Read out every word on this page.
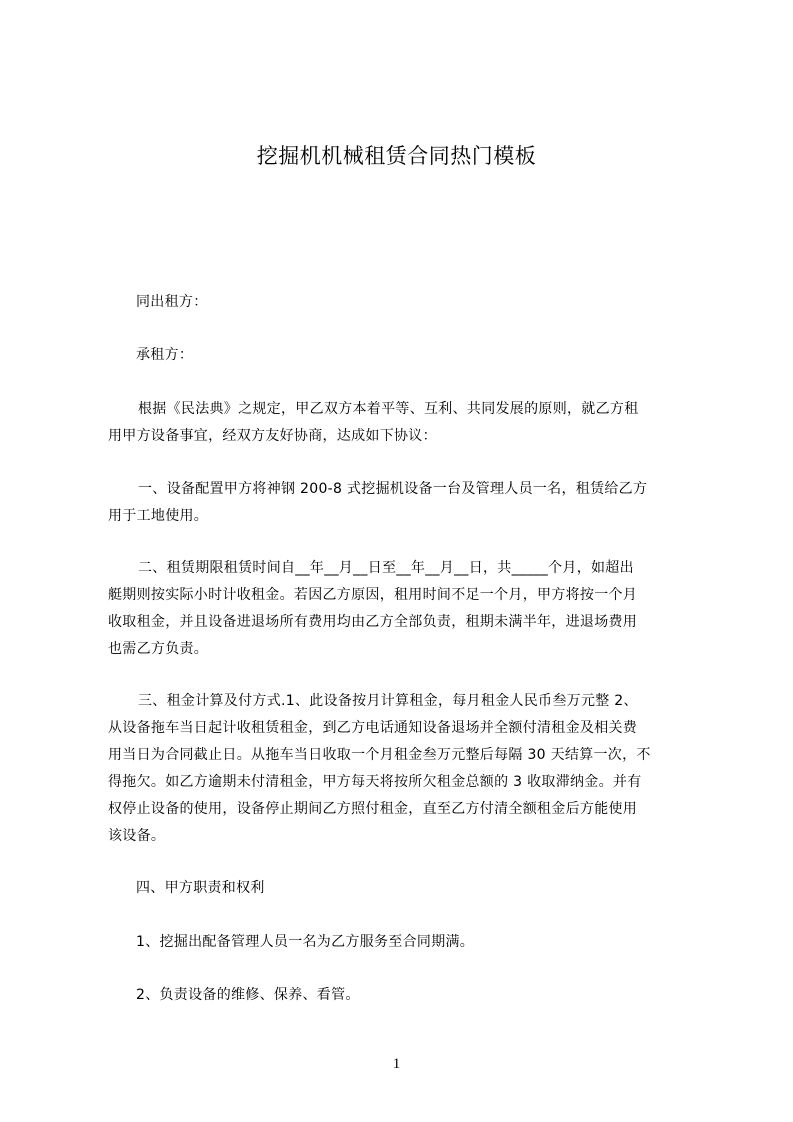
挖掘机机械租赁合同热门模板
同出租方：
承租方：
根据《民法典》之规定，甲乙双方本着平等、互利、共同发展的原则，就乙方租
用甲方设备事宜，经双方友好协商，达成如下协议：
一、设备配置甲方将神钢 200-8 式挖掘机设备一台及管理人员一名，租赁给乙方
用于工地使用。
二、租赁期限租赁时间自__年__月__日至__年__月__日，共_____个月，如超出
艇期则按实际小时计收租金。若因乙方原因，租用时间不足一个月，甲方将按一个月
收取租金，并且设备进退场所有费用均由乙方全部负责，租期未满半年，进退场费用
也需乙方负责。
三、租金计算及付方式.1、此设备按月计算租金，每月租金人民币叁万元整 2、
从设备拖车当日起计收租赁租金，到乙方电话通知设备退场并全额付清租金及相关费
用当日为合同截止日。从拖车当日收取一个月租金叁万元整后每隔 30 天结算一次，不
得拖欠。如乙方逾期未付清租金，甲方每天将按所欠租金总额的 3 收取滞纳金。并有
权停止设备的使用，设备停止期间乙方照付租金，直至乙方付清全额租金后方能使用
该设备。
四、甲方职责和权利
1、挖掘出配备管理人员一名为乙方服务至合同期满。
2、负责设备的维修、保养、看管。
1
